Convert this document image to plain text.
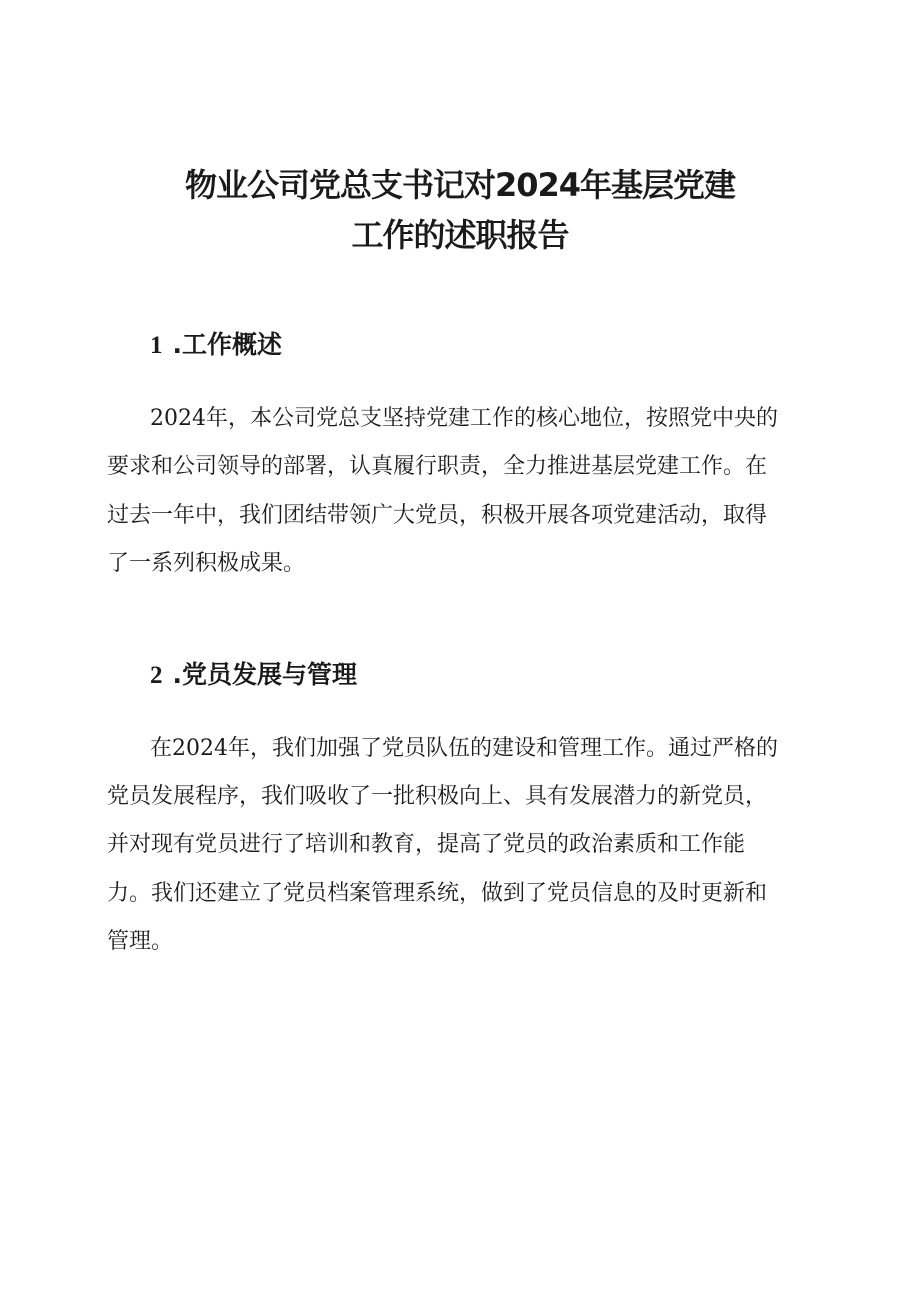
物业公司党总支书记对2024年基层党建
工作的述职报告
1 .工作概述

2024年，本公司党总支坚持党建工作的核心地位，按照党中央的

要求和公司领导的部署，认真履行职责，全力推进基层党建工作。在

过去一年中，我们团结带领广大党员，积极开展各项党建活动，取得

了一系列积极成果。

2 .党员发展与管理

在2024年，我们加强了党员队伍的建设和管理工作。通过严格的

党员发展程序，我们吸收了一批积极向上、具有发展潜力的新党员，

并对现有党员进行了培训和教育，提高了党员的政治素质和工作能

力。我们还建立了党员档案管理系统，做到了党员信息的及时更新和

管理。
